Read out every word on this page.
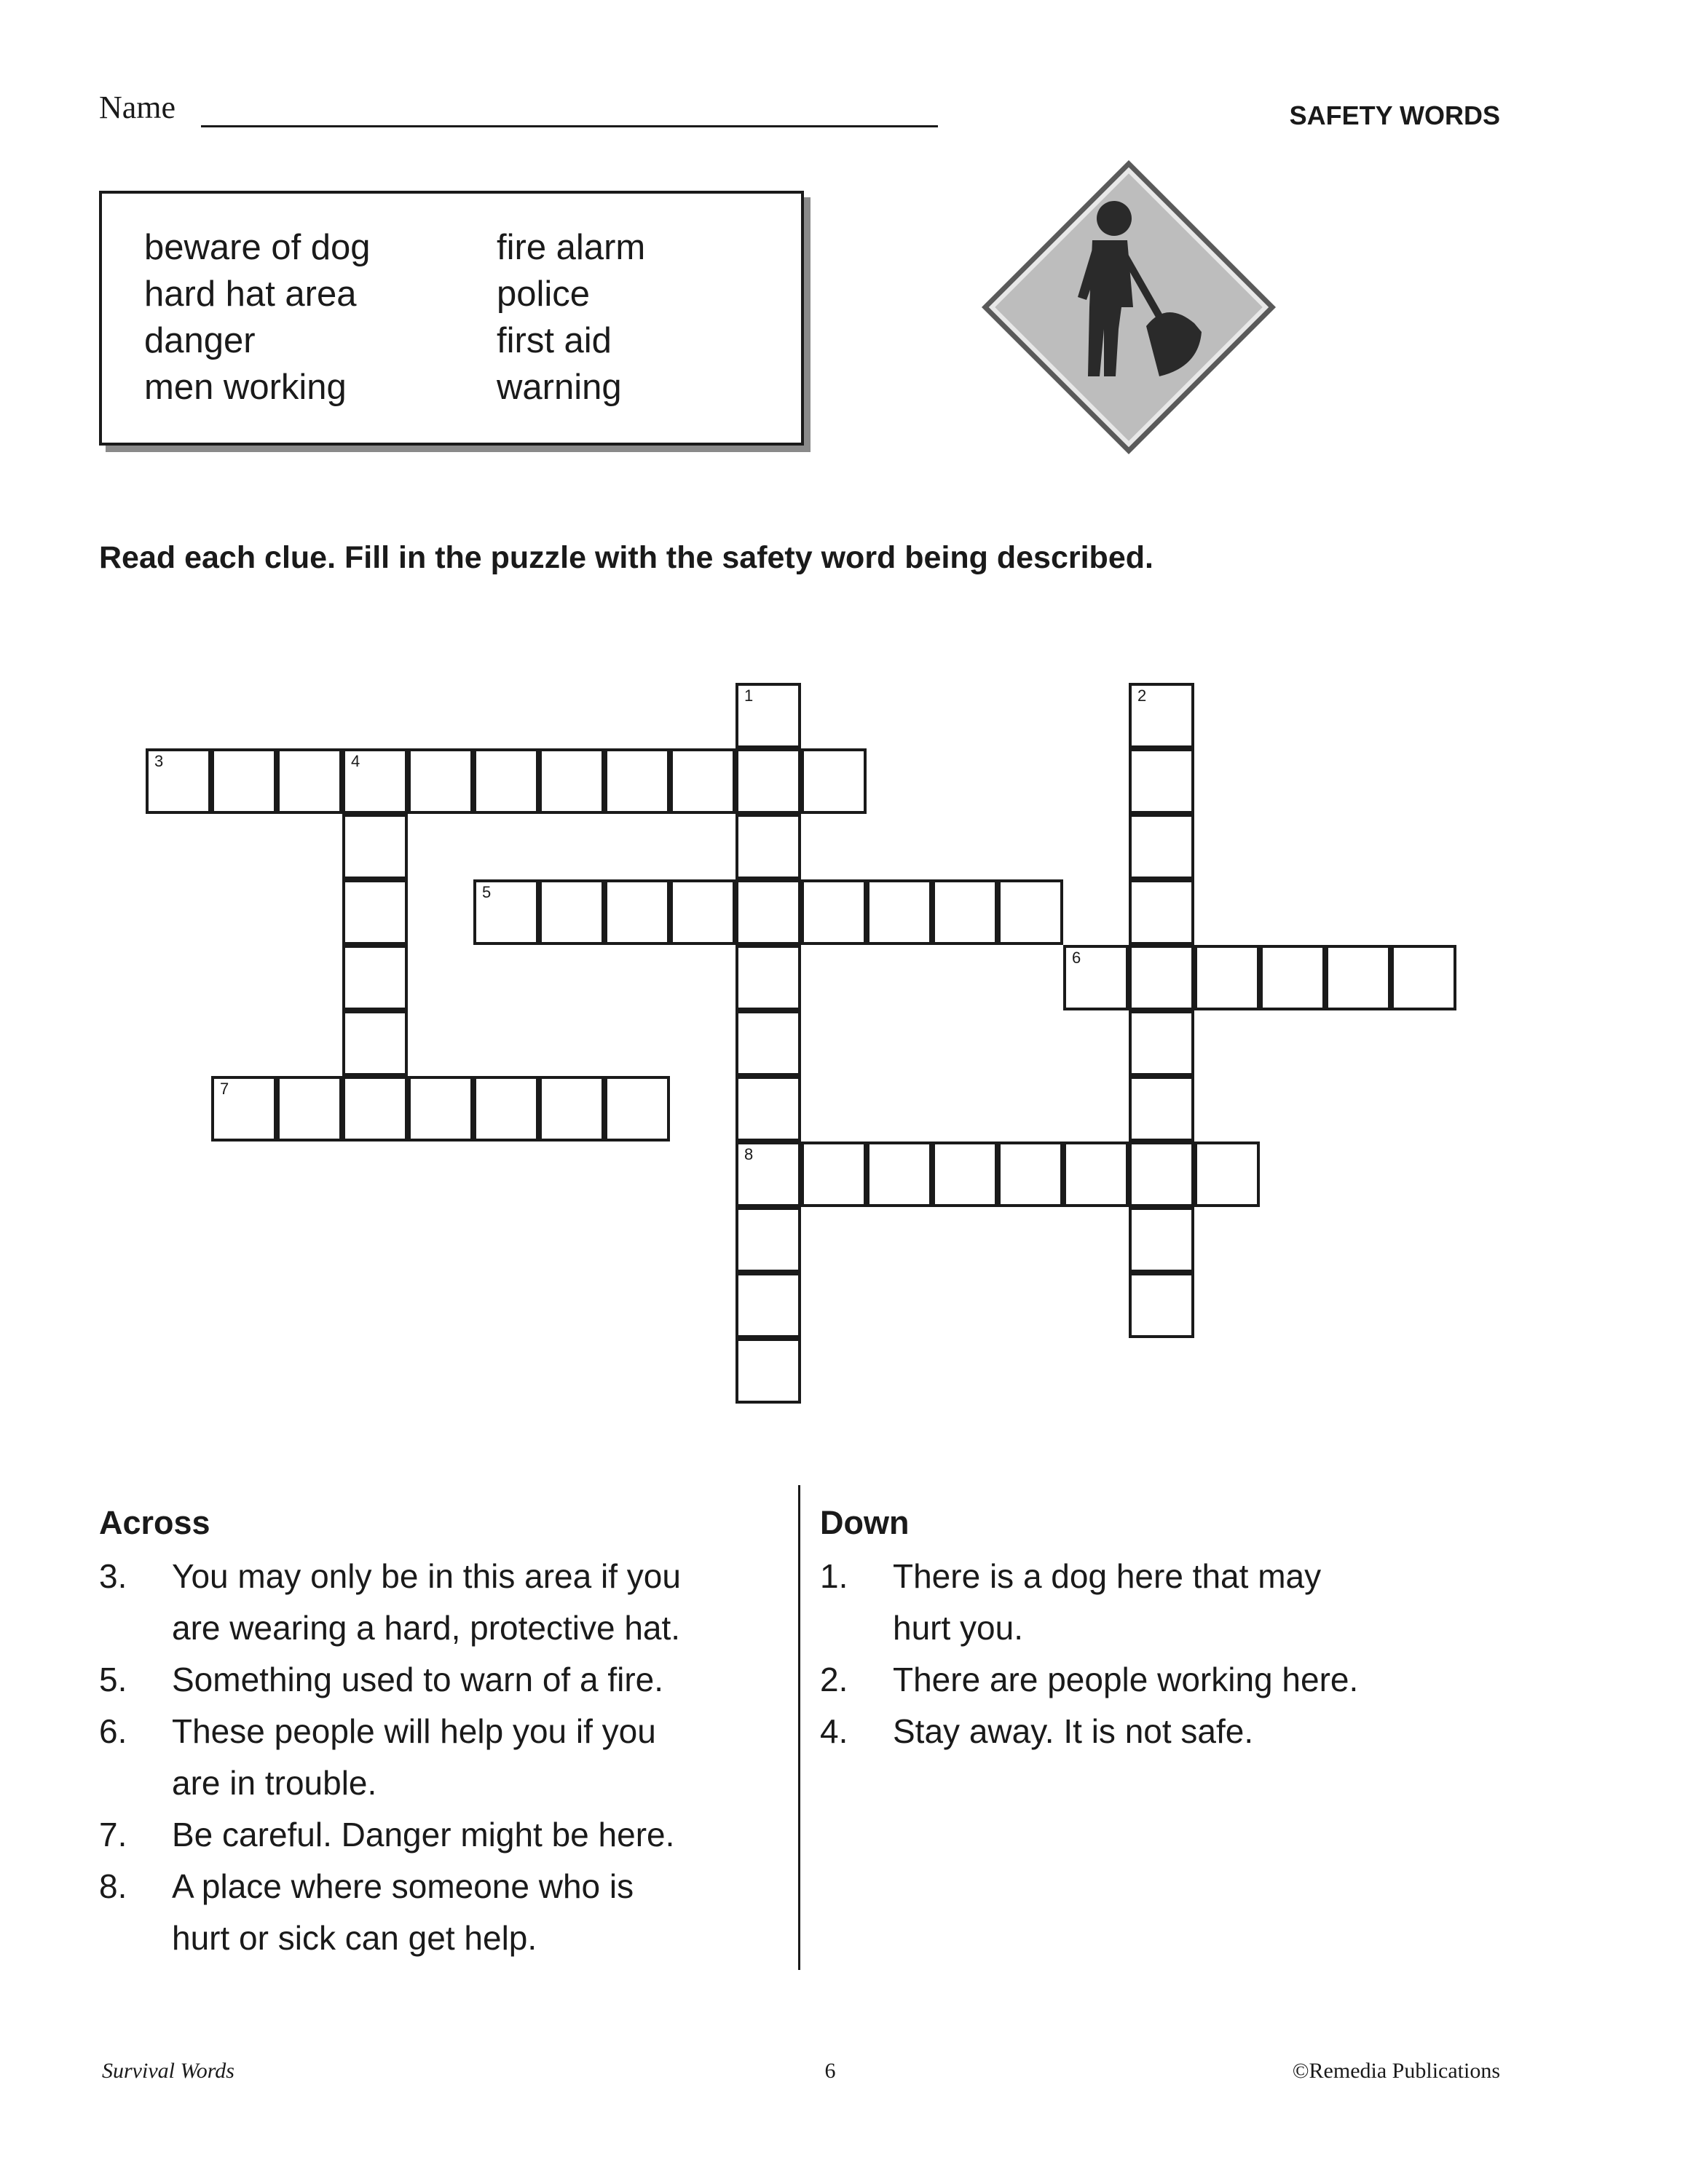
Name	SAFETY WORDS
beware of dog
hard hat area
danger
men working
fire alarm
police
first aid
warning
Read each clue. Fill in the puzzle with the safety word being described.
1
8
2
3	4
5
6
7
Across	Down
3. You may only be in this area if you
are wearing a hard, protective hat.
5. Something used to warn of a fire.
6. These people will help you if you
are in trouble.
7. Be careful. Danger might be here.
8. A place where someone who is
hurt or sick can get help.
1. There is a dog here that may
hurt you.
2. There are people working here.
4. Stay away. It is not safe.
Survival Words	6	©Remedia Publications
